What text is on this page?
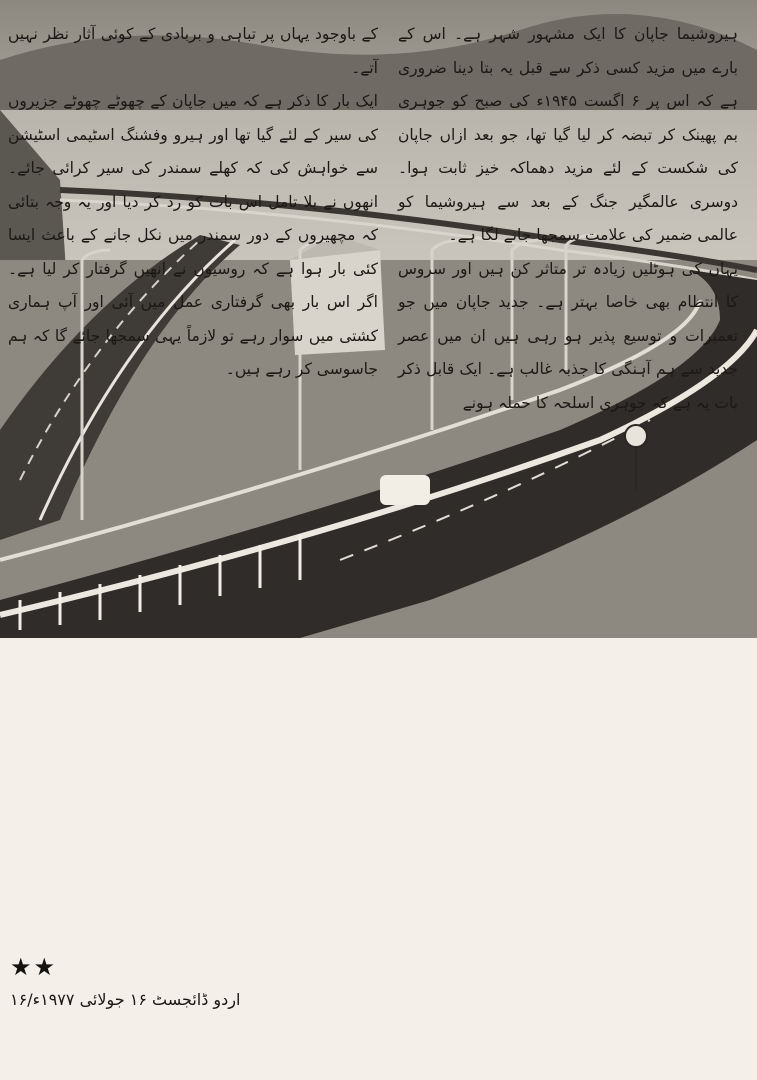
ہیروشیما جاپان کا ایک مشہور شہر ہے۔ اس کے بارے میں مزید کسی ذکر سے قبل یہ بتا دینا ضروری ہے کہ اس پر ۶ اگست ۱۹۴۵ء کی صبح کو جوہری بم پھینک کر تبضہ کر لیا گیا تھا، جو بعد ازاں جاپان کی شکست کے لئے مزید دھماکہ خیز ثابت ہوا۔ دوسری عالمگیر جنگ کے بعد سے ہیروشیما کو عالمی ضمیر کی علامت سمجھا جانے لگا ہے۔

یہاں کی ہوٹلیں زیادہ تر متاثر کن ہیں اور سروس کا انتظام بھی خاصا بہتر ہے۔ جدید جاپان میں جو تعمیرات و توسیع پذیر ہو رہی ہیں ان میں عصر جدید سے ہم آہنگی کا جذبہ غالب ہے۔ ایک قابل ذکر بات یہ ہے کہ جوہری اسلحہ کا حملہ ہونے

کے باوجود یہاں پر تباہی و بربادی کے کوئی آثار نظر نہیں آتے۔

ایک بار کا ذکر ہے کہ میں جاپان کے چھوٹے چھوٹے جزیروں کی سیر کے لئے گیا تھا اور ہیرو وفشنگ اسٹیمی اسٹیشن سے خواہش کی کہ کھلے سمندر کی سیر کرائی جائے۔ انھوں نے بلا تامل اس بات کو رد کر دیا اور یہ وجہ بتائی کہ مچھیروں کے دور سمندر میں نکل جانے کے باعث ایسا کئی بار ہوا ہے کہ روسیوں نے انھیں گرفتار کر لیا ہے۔ اگر اس بار بھی گرفتاری عمل میں آئی اور آپ ہماری کشتی میں سوار رہے تو لازماً یہی سمجھا جائے گا کہ ہم جاسوسی کر رہے ہیں۔

★★
اردو ڈائجسٹ ۱۶ جولائی ۱۹۷۷ء/۱۶
